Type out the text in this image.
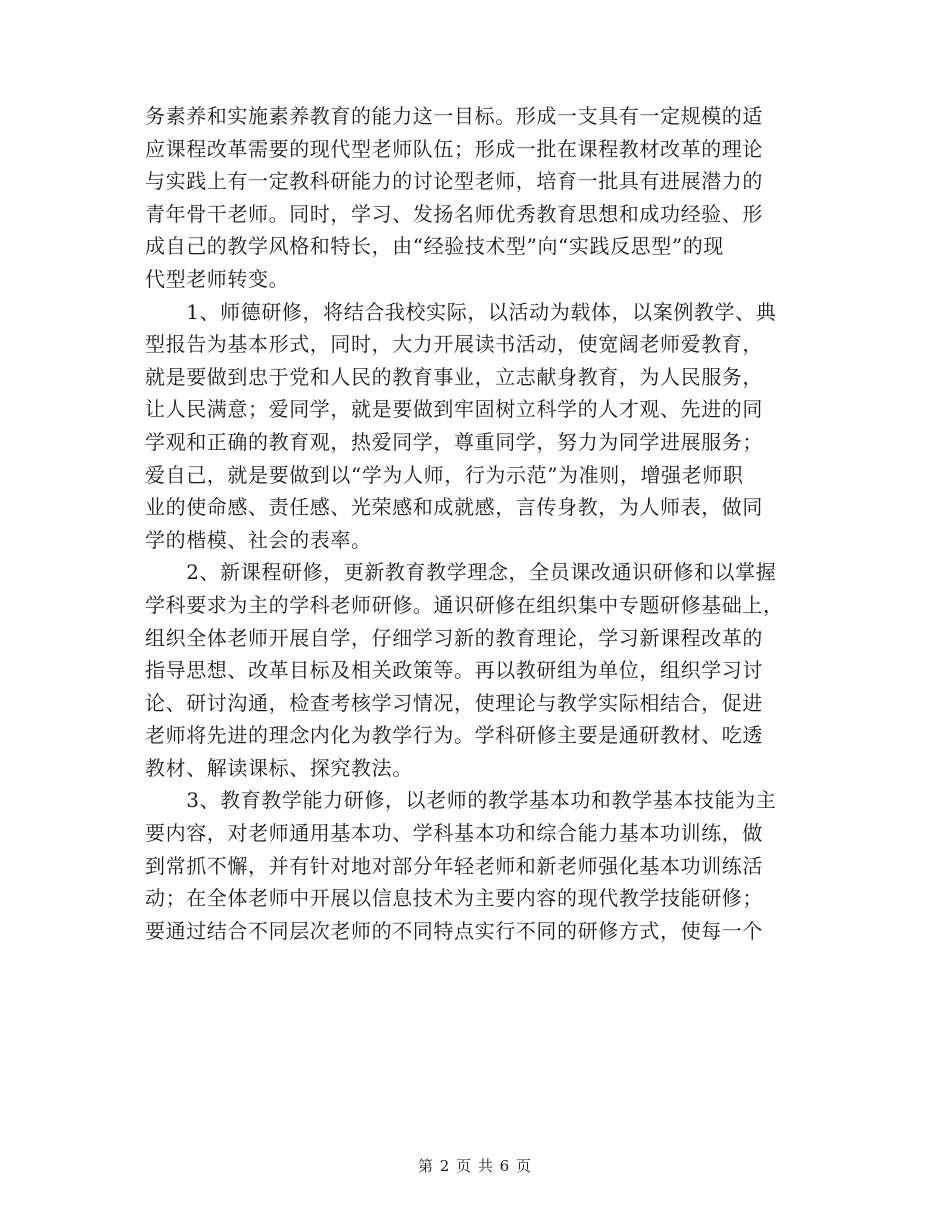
务素养和实施素养教育的能力这一目标。形成一支具有一定规模的适
应课程改革需要的现代型老师队伍；形成一批在课程教材改革的理论
与实践上有一定教科研能力的讨论型老师，培育一批具有进展潜力的
青年骨干老师。同时，学习、发扬名师优秀教育思想和成功经验、形
成自己的教学风格和特长，由“经验技术型”向“实践反思型”的现
代型老师转变。
　　1、师德研修，将结合我校实际，以活动为载体，以案例教学、典
型报告为基本形式，同时，大力开展读书活动，使宽阔老师爱教育，
就是要做到忠于党和人民的教育事业，立志献身教育，为人民服务，
让人民满意；爱同学，就是要做到牢固树立科学的人才观、先进的同
学观和正确的教育观，热爱同学，尊重同学，努力为同学进展服务；
爱自己，就是要做到以“学为人师，行为示范”为准则，增强老师职
业的使命感、责任感、光荣感和成就感，言传身教，为人师表，做同
学的楷模、社会的表率。
　　2、新课程研修，更新教育教学理念，全员课改通识研修和以掌握
学科要求为主的学科老师研修。通识研修在组织集中专题研修基础上，
组织全体老师开展自学，仔细学习新的教育理论，学习新课程改革的
指导思想、改革目标及相关政策等。再以教研组为单位，组织学习讨
论、研讨沟通，检查考核学习情况，使理论与教学实际相结合，促进
老师将先进的理念内化为教学行为。学科研修主要是通研教材、吃透
教材、解读课标、探究教法。
　　3、教育教学能力研修，以老师的教学基本功和教学基本技能为主
要内容，对老师通用基本功、学科基本功和综合能力基本功训练，做
到常抓不懈，并有针对地对部分年轻老师和新老师强化基本功训练活
动；在全体老师中开展以信息技术为主要内容的现代教学技能研修；
要通过结合不同层次老师的不同特点实行不同的研修方式，使每一个
第 2 页 共 6 页
